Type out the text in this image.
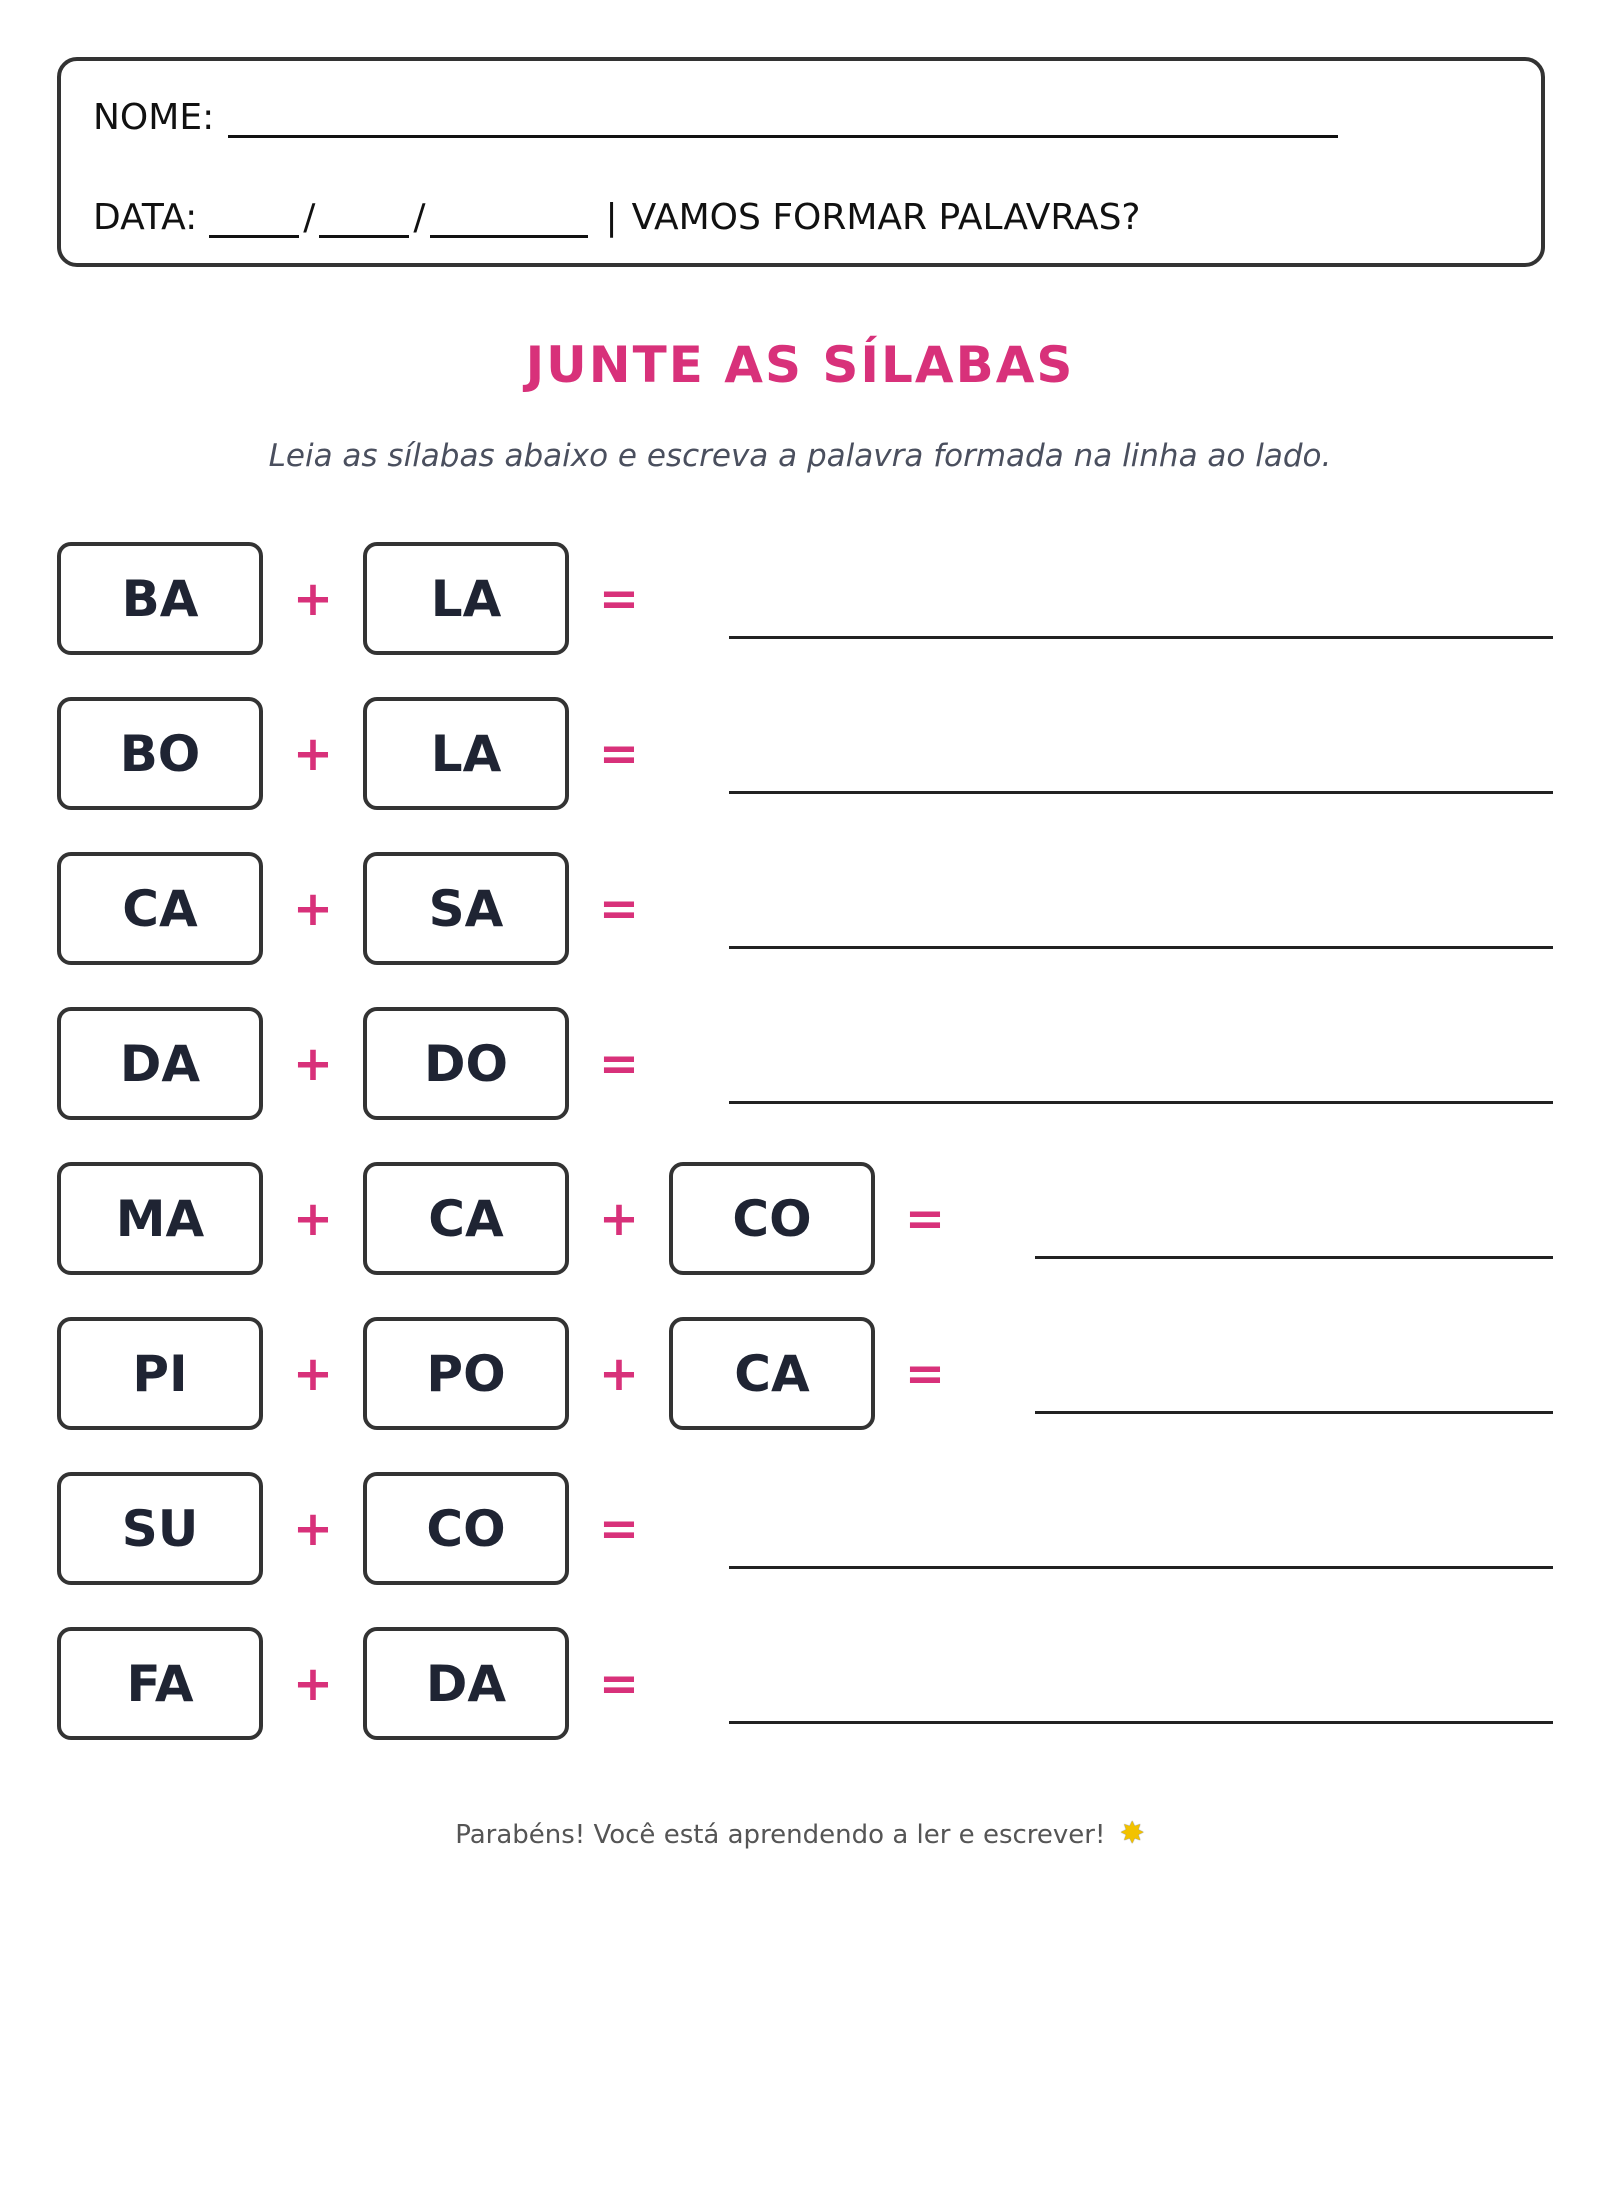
NOME:
DATA:	/	/	| VAMOS FORMAR PALAVRAS?
JUNTE AS SÍLABAS
Leia as sílabas abaixo e escreva a palavra formada na linha ao lado.
BA	+	LA	=
BO	+	LA	=
CA	+	SA	=
DA	+	DO	=
MA	+	CA	+	CO	=
PI	+	PO	+	CA	=
SU	+	CO	=
FA	+	DA	=
Parabéns! Você está aprendendo a ler e escrever! ✸
